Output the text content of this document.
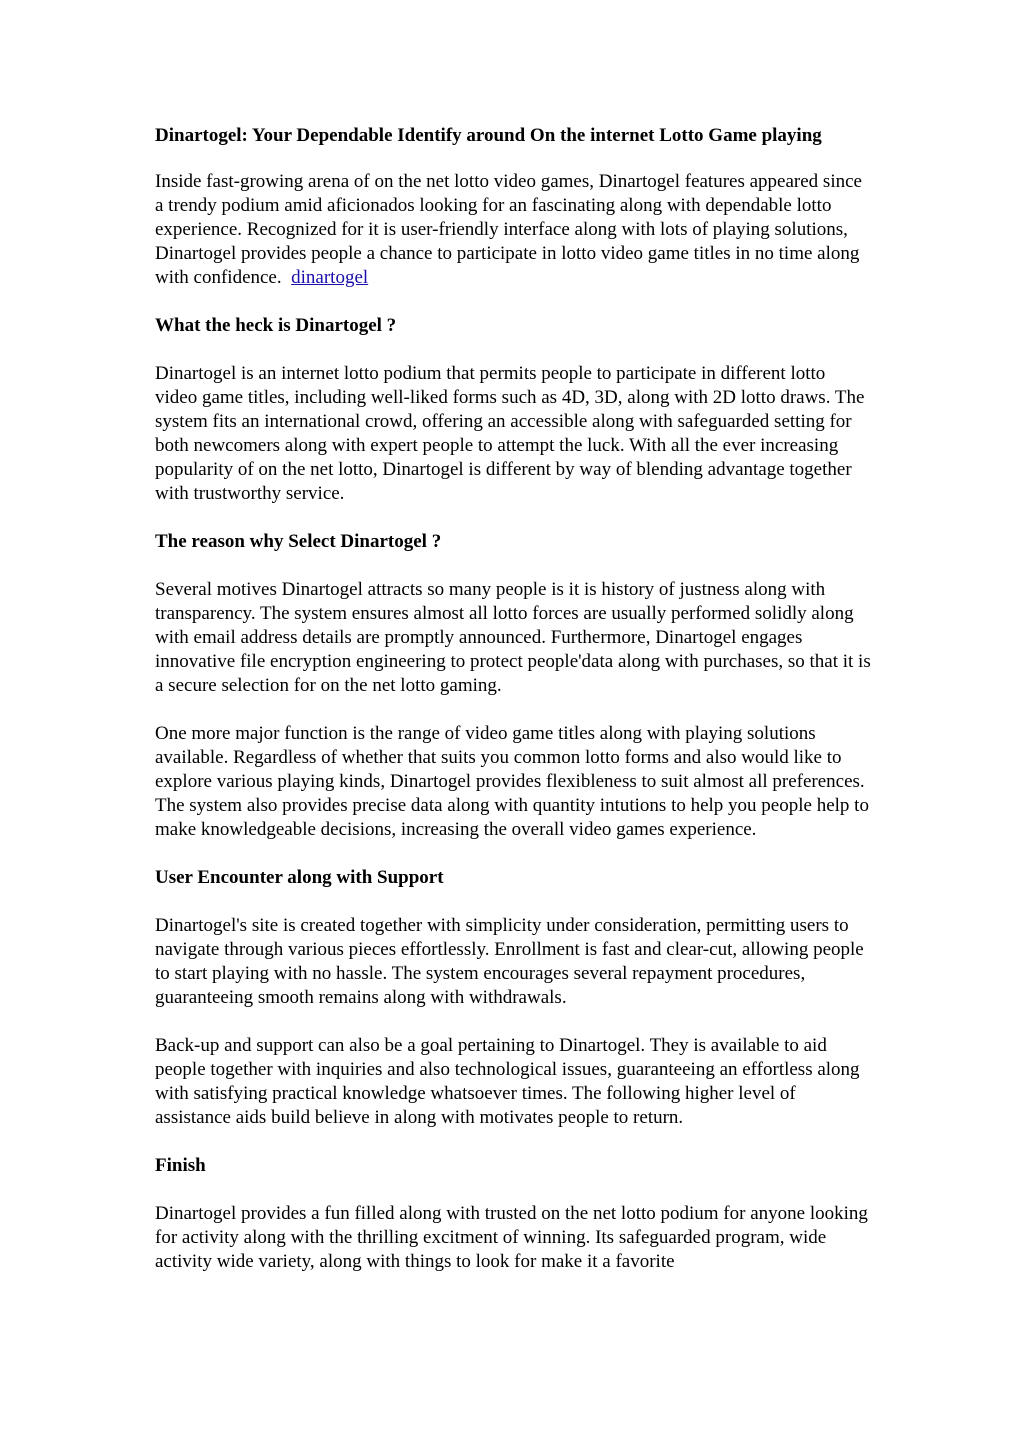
Dinartogel: Your Dependable Identify around On the internet Lotto Game playing

Inside fast-growing arena of on the net lotto video games, Dinartogel features appeared since a trendy podium amid aficionados looking for an fascinating along with dependable lotto experience. Recognized for it is user-friendly interface along with lots of playing solutions, Dinartogel provides people a chance to participate in lotto video game titles in no time along with confidence. dinartogel

What the heck is Dinartogel ?

Dinartogel is an internet lotto podium that permits people to participate in different lotto video game titles, including well-liked forms such as 4D, 3D, along with 2D lotto draws. The system fits an international crowd, offering an accessible along with safeguarded setting for both newcomers along with expert people to attempt the luck. With all the ever increasing popularity of on the net lotto, Dinartogel is different by way of blending advantage together with trustworthy service.

The reason why Select Dinartogel ?

Several motives Dinartogel attracts so many people is it is history of justness along with transparency. The system ensures almost all lotto forces are usually performed solidly along with email address details are promptly announced. Furthermore, Dinartogel engages innovative file encryption engineering to protect people'data along with purchases, so that it is a secure selection for on the net lotto gaming.

One more major function is the range of video game titles along with playing solutions available. Regardless of whether that suits you common lotto forms and also would like to explore various playing kinds, Dinartogel provides flexibleness to suit almost all preferences. The system also provides precise data along with quantity intutions to help you people help to make knowledgeable decisions, increasing the overall video games experience.

User Encounter along with Support

Dinartogel's site is created together with simplicity under consideration, permitting users to navigate through various pieces effortlessly. Enrollment is fast and clear-cut, allowing people to start playing with no hassle. The system encourages several repayment procedures, guaranteeing smooth remains along with withdrawals.

Back-up and support can also be a goal pertaining to Dinartogel. They is available to aid people together with inquiries and also technological issues, guaranteeing an effortless along with satisfying practical knowledge whatsoever times. The following higher level of assistance aids build believe in along with motivates people to return.

Finish

Dinartogel provides a fun filled along with trusted on the net lotto podium for anyone looking for activity along with the thrilling excitment of winning. Its safeguarded program, wide activity wide variety, along with things to look for make it a favorite
